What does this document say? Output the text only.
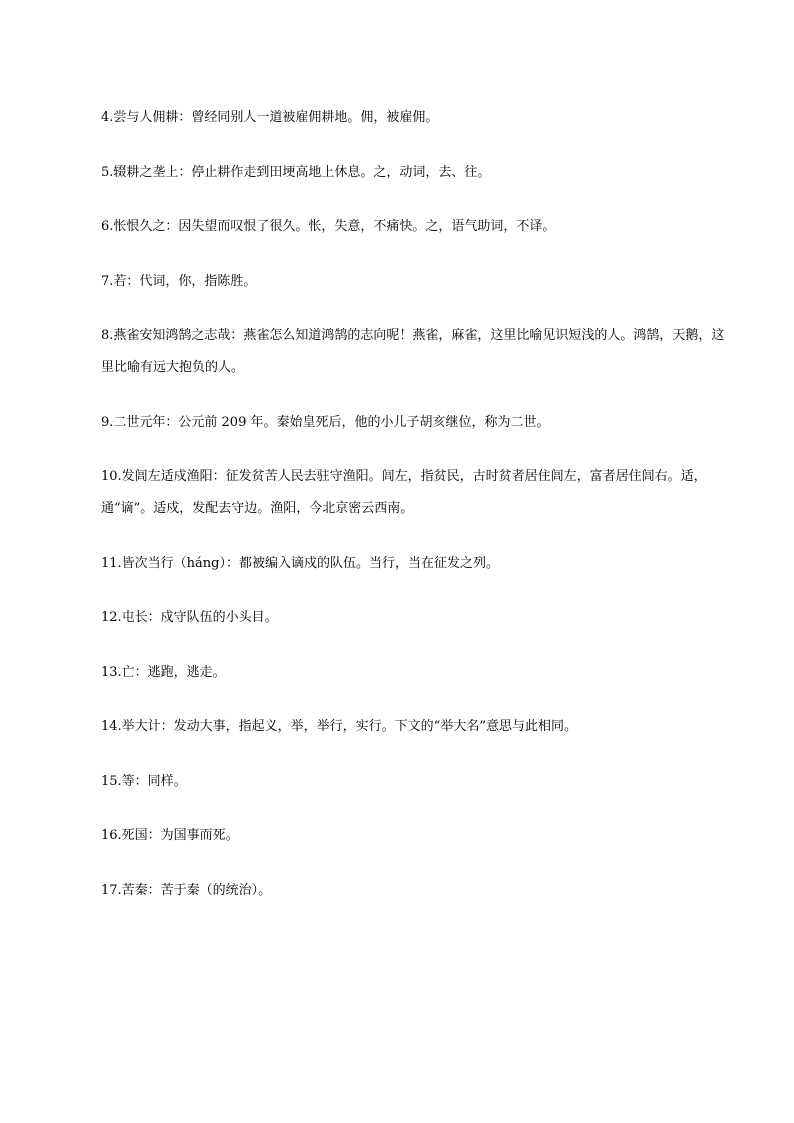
4.尝与人佣耕：曾经同别人一道被雇佣耕地。佣，被雇佣。
5.辍耕之垄上：停止耕作走到田埂高地上休息。之，动词，去、往。
6.怅恨久之：因失望而叹恨了很久。怅，失意，不痛快。之，语气助词，不译。
7.若：代词，你，指陈胜。
8.燕雀安知鸿鹄之志哉：燕雀怎么知道鸿鹄的志向呢！燕雀，麻雀，这里比喻见识短浅的人。鸿鹄，天鹅，这里比喻有远大抱负的人。
9.二世元年：公元前 209 年。秦始皇死后，他的小儿子胡亥继位，称为二世。
10.发闾左适戍渔阳：征发贫苦人民去驻守渔阳。闾左，指贫民，古时贫者居住闾左，富者居住闾右。适，通“谪”。适戍，发配去守边。渔阳，今北京密云西南。
11.皆次当行（háng）：都被编入谪戍的队伍。当行，当在征发之列。
12.屯长：戍守队伍的小头目。
13.亡：逃跑，逃走。
14.举大计：发动大事，指起义，举，举行，实行。下文的“举大名”意思与此相同。
15.等：同样。
16.死国：为国事而死。
17.苦秦：苦于秦（的统治）。
